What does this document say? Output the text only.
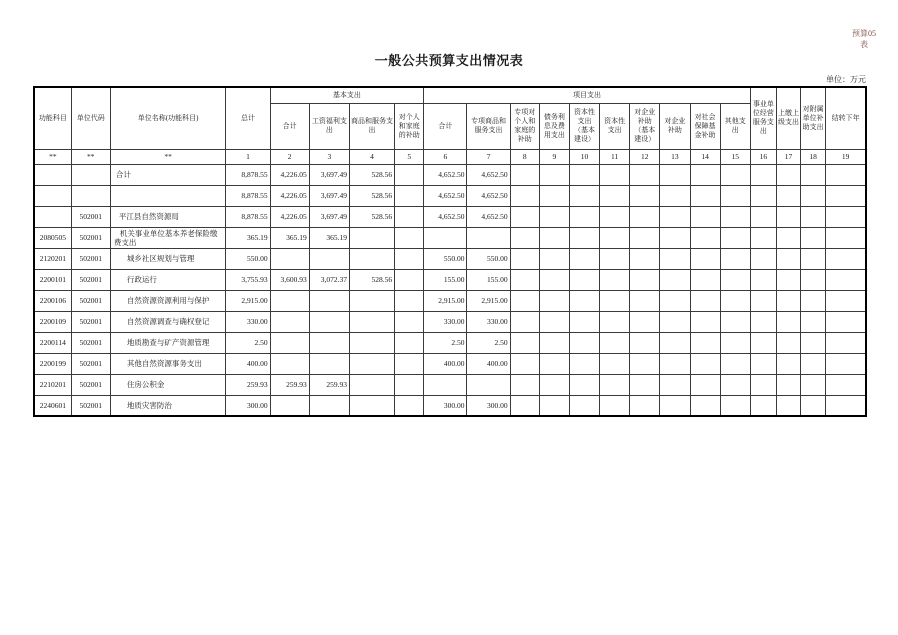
预算05
表
一般公共预算支出情况表
单位：万元
功能科目	单位代码	单位名称(功能科目)	总计	基本支出				项目支出										事业单位经营服务支出	上缴上级支出	对附属单位补助支出	结转下年
				合计	工资福利支出	商品和服务支出	对个人和家庭的补助	合计	专项商品和服务支出	专项对个人和家庭的补助	债务利息及费用支出	资本性支出（基本建设）	资本性支出	对企业补助（基本建设）	对企业补助	对社会保障基金补助	其他支出				
**	**	**	1	2	3	4	5	6	7	8	9	10	11	12	13	14	15	16	17	18	19
		合计	8,878.55	4,226.05	3,697.49	528.56		4,652.50	4,652.50												
			8,878.55	4,226.05	3,697.49	528.56		4,652.50	4,652.50												
	502001	平江县自然资源局	8,878.55	4,226.05	3,697.49	528.56		4,652.50	4,652.50												
2080505	502001	机关事业单位基本养老保险缴费支出	365.19	365.19	365.19																
2120201	502001	城乡社区规划与管理	550.00					550.00	550.00												
2200101	502001	行政运行	3,755.93	3,600.93	3,072.37	528.56		155.00	155.00												
2200106	502001	自然资源资源利用与保护	2,915.00					2,915.00	2,915.00												
2200109	502001	自然资源调查与确权登记	330.00					330.00	330.00												
2200114	502001	地质勘查与矿产资源管理	2.50					2.50	2.50												
2200199	502001	其他自然资源事务支出	400.00					400.00	400.00												
2210201	502001	住房公积金	259.93	259.93	259.93																
2240601	502001	地质灾害防治	300.00					300.00	300.00												
